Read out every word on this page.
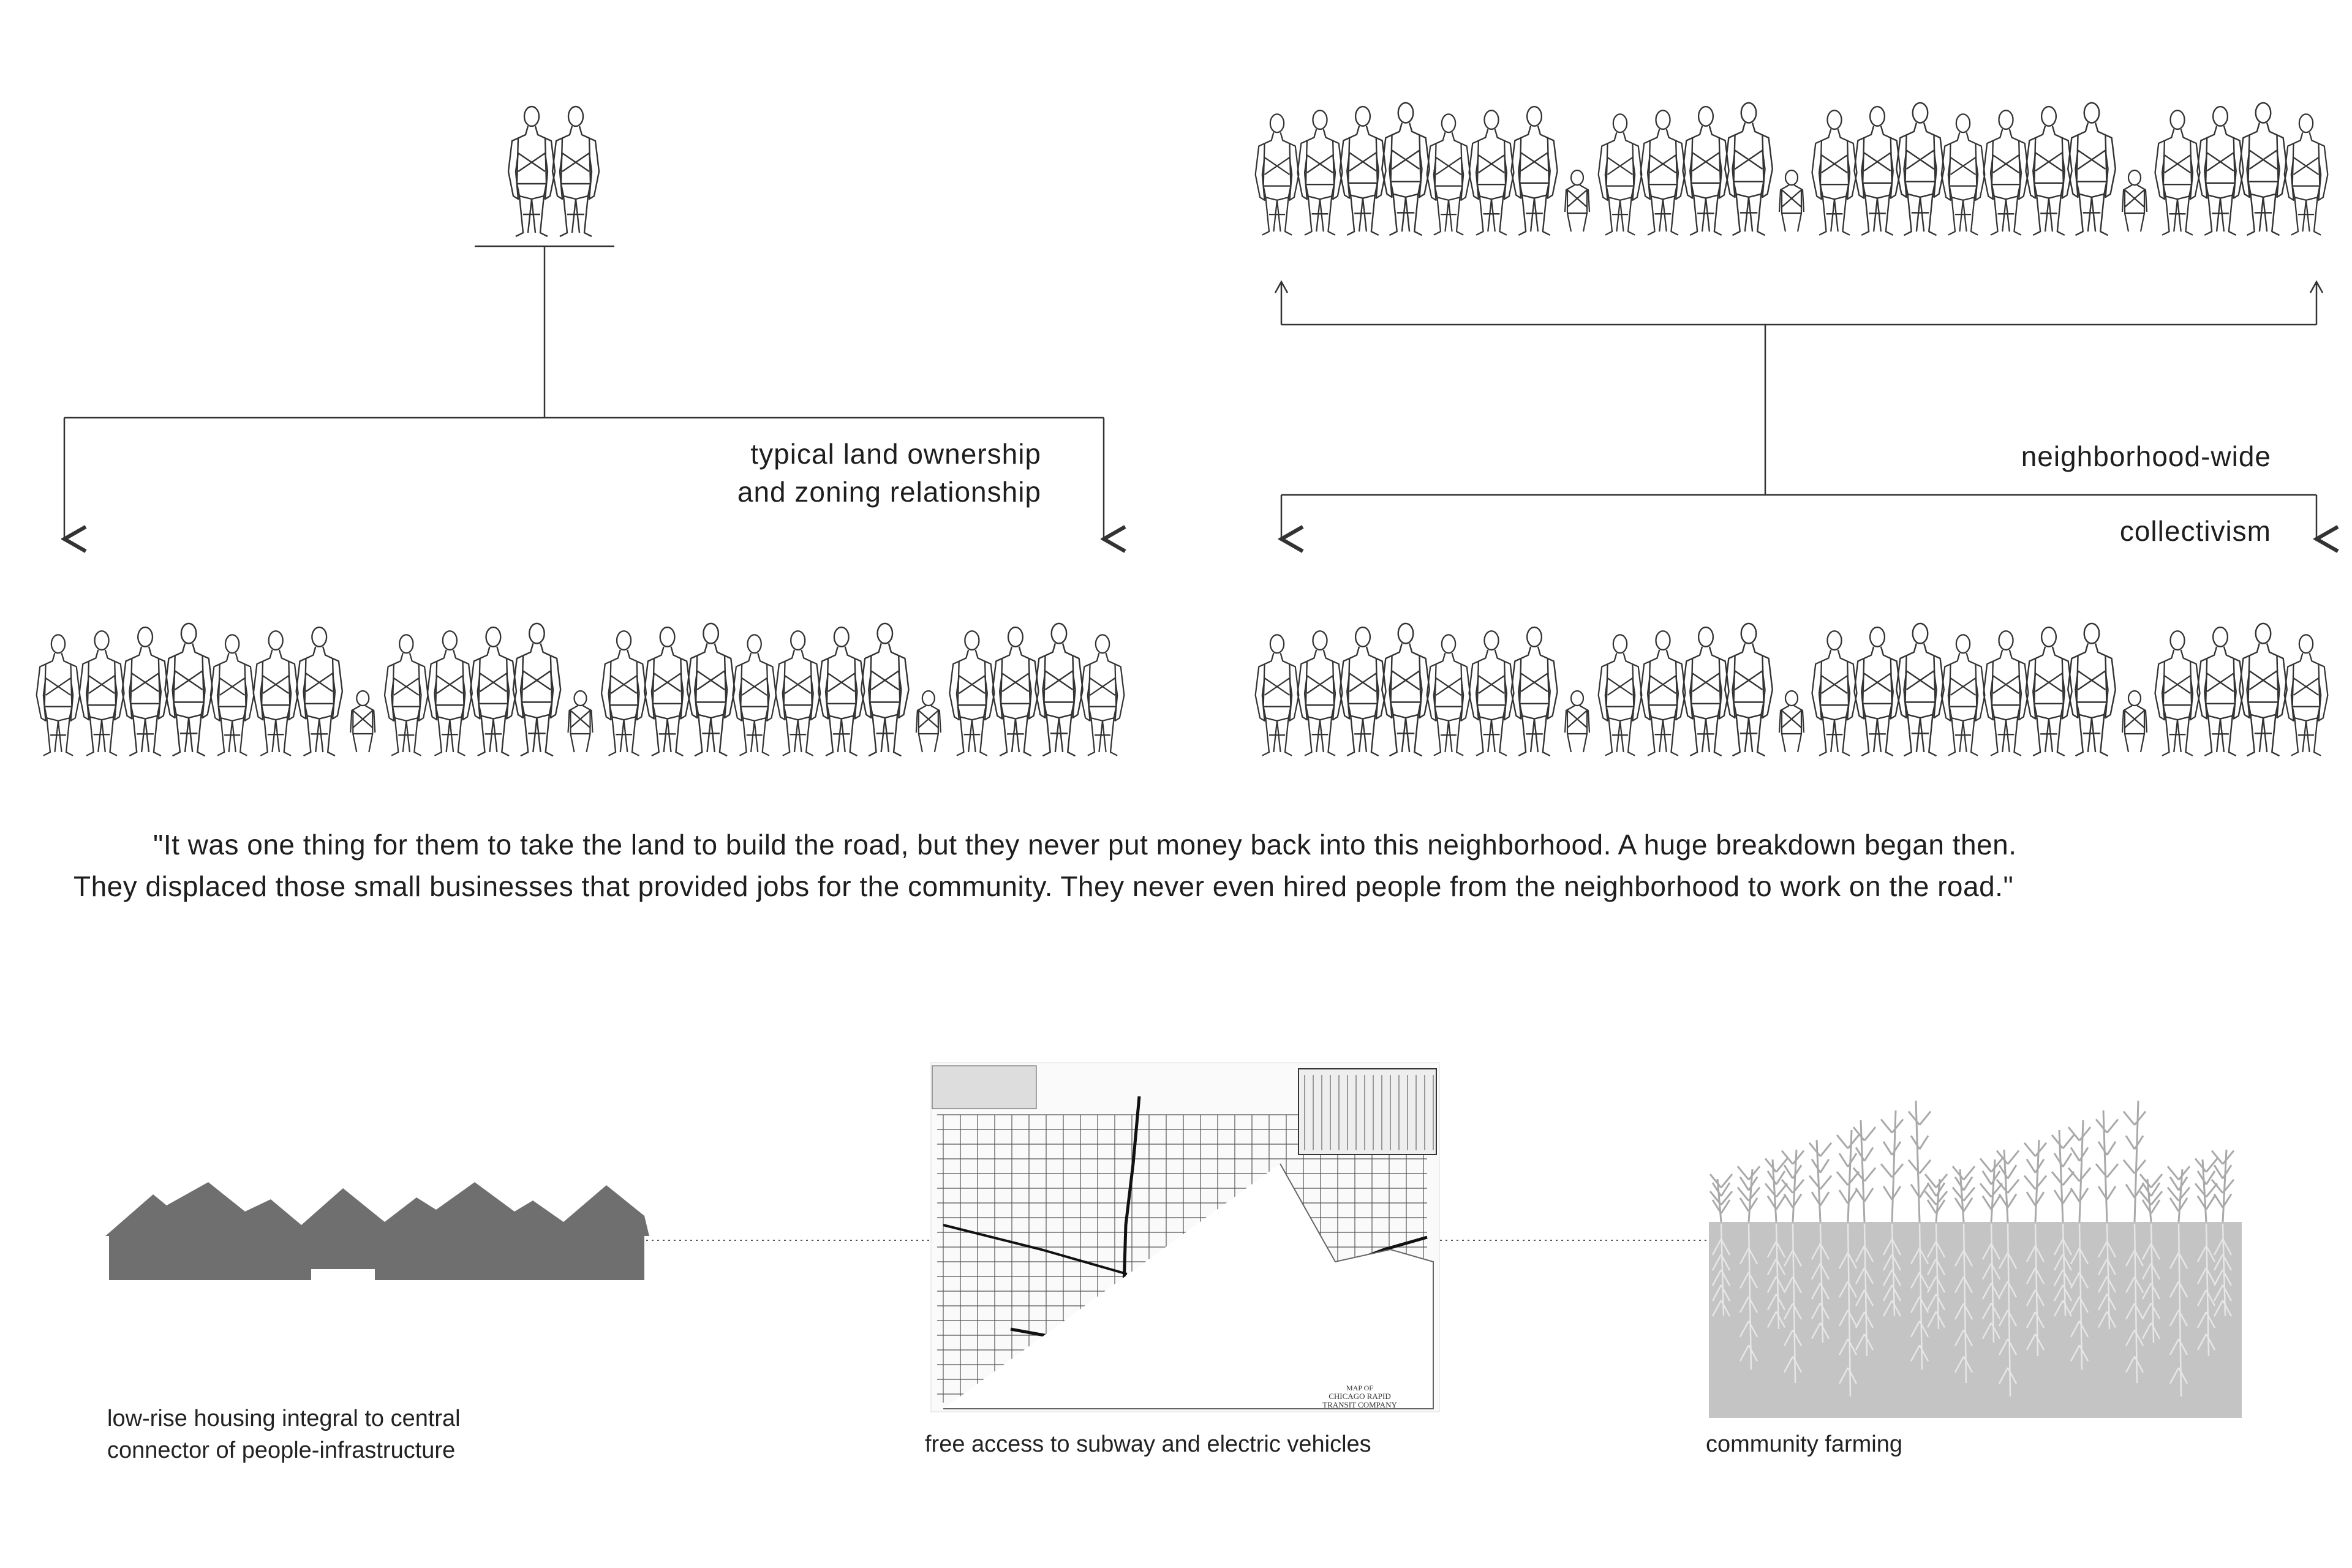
MAP OF
CHICAGO RAPID
TRANSIT COMPANY
typical land ownership
and zoning relationship
neighborhood-wide
collectivism
"It was one thing for them to take the land to build the road, but they never put money back into this neighborhood. A huge breakdown began then.
They displaced those small businesses that provided jobs for the community. They never even hired people from the neighborhood to work on the road."
low-rise housing integral to central
connector of people-infrastructure	free access to subway and electric vehicles	community farming
